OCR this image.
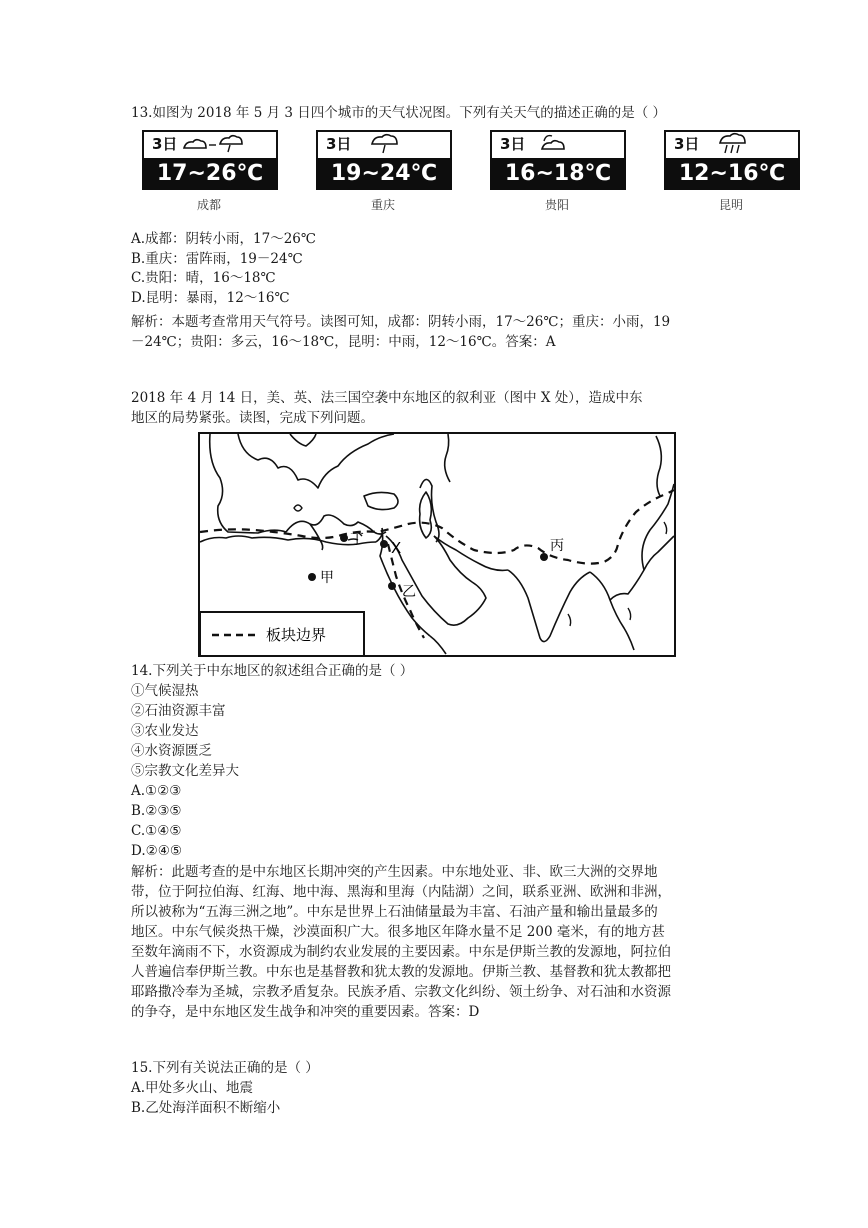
13.如图为 2018 年 5 月 3 日四个城市的天气状况图。下列有关天气的描述正确的是（ ）
3日
17~26℃
成都
3日
19~24℃
重庆
3日
16~18℃
贵阳
3日
12~16℃
昆明
A.成都：阴转小雨，17～26℃
B.重庆：雷阵雨，19－24℃
C.贵阳：晴，16～18℃
D.昆明：暴雨，12～16℃
解析：本题考查常用天气符号。读图可知，成都：阴转小雨，17～26℃；重庆：小雨，19
－24℃；贵阳：多云，16～18℃，昆明：中雨，12～16℃。答案：A
2018 年 4 月 14 日，美、英、法三国空袭中东地区的叙利亚（图中 X 处），造成中东
地区的局势紧张。读图，完成下列问题。
丁 X
甲
乙
丙
板块边界
14.下列关于中东地区的叙述组合正确的是（ ）
①气候湿热
②石油资源丰富
③农业发达
④水资源匮乏
⑤宗教文化差异大
A.①②③
B.②③⑤
C.①④⑤
D.②④⑤
解析：此题考查的是中东地区长期冲突的产生因素。中东地处亚、非、欧三大洲的交界地
带，位于阿拉伯海、红海、地中海、黑海和里海（内陆湖）之间，联系亚洲、欧洲和非洲，
所以被称为“五海三洲之地”。中东是世界上石油储量最为丰富、石油产量和输出量最多的
地区。中东气候炎热干燥，沙漠面积广大。很多地区年降水量不足 200 毫米，有的地方甚
至数年滴雨不下，水资源成为制约农业发展的主要因素。中东是伊斯兰教的发源地，阿拉伯
人普遍信奉伊斯兰教。中东也是基督教和犹太教的发源地。伊斯兰教、基督教和犹太教都把
耶路撒冷奉为圣城，宗教矛盾复杂。民族矛盾、宗教文化纠纷、领土纷争、对石油和水资源
的争夺，是中东地区发生战争和冲突的重要因素。答案：D
15.下列有关说法正确的是（ ）
A.甲处多火山、地震
B.乙处海洋面积不断缩小
